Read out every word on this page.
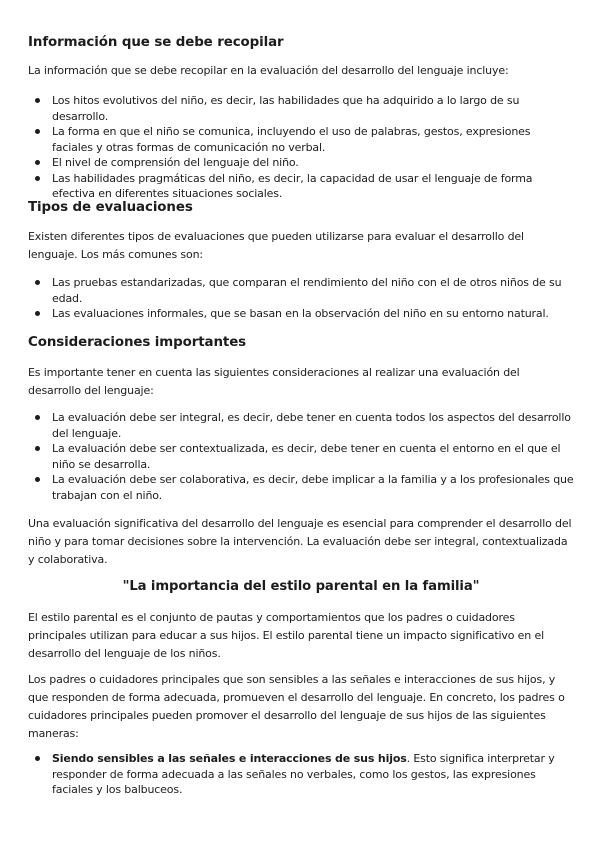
Información que se debe recopilar

La información que se debe recopilar en la evaluación del desarrollo del lenguaje incluye:

Los hitos evolutivos del niño, es decir, las habilidades que ha adquirido a lo largo de su desarrollo.
La forma en que el niño se comunica, incluyendo el uso de palabras, gestos, expresiones faciales y otras formas de comunicación no verbal.
El nivel de comprensión del lenguaje del niño.
Las habilidades pragmáticas del niño, es decir, la capacidad de usar el lenguaje de forma efectiva en diferentes situaciones sociales.
Tipos de evaluaciones

Existen diferentes tipos de evaluaciones que pueden utilizarse para evaluar el desarrollo del lenguaje. Los más comunes son:

Las pruebas estandarizadas, que comparan el rendimiento del niño con el de otros niños de su edad.
Las evaluaciones informales, que se basan en la observación del niño en su entorno natural.
Consideraciones importantes

Es importante tener en cuenta las siguientes consideraciones al realizar una evaluación del desarrollo del lenguaje:

La evaluación debe ser integral, es decir, debe tener en cuenta todos los aspectos del desarrollo del lenguaje.
La evaluación debe ser contextualizada, es decir, debe tener en cuenta el entorno en el que el niño se desarrolla.
La evaluación debe ser colaborativa, es decir, debe implicar a la familia y a los profesionales que trabajan con el niño.

Una evaluación significativa del desarrollo del lenguaje es esencial para comprender el desarrollo del niño y para tomar decisiones sobre la intervención. La evaluación debe ser integral, contextualizada y colaborativa.

"La importancia del estilo parental en la familia"

El estilo parental es el conjunto de pautas y comportamientos que los padres o cuidadores principales utilizan para educar a sus hijos. El estilo parental tiene un impacto significativo en el desarrollo del lenguaje de los niños.

Los padres o cuidadores principales que son sensibles a las señales e interacciones de sus hijos, y que responden de forma adecuada, promueven el desarrollo del lenguaje. En concreto, los padres o cuidadores principales pueden promover el desarrollo del lenguaje de sus hijos de las siguientes maneras:

Siendo sensibles a las señales e interacciones de sus hijos. Esto significa interpretar y responder de forma adecuada a las señales no verbales, como los gestos, las expresiones faciales y los balbuceos.
